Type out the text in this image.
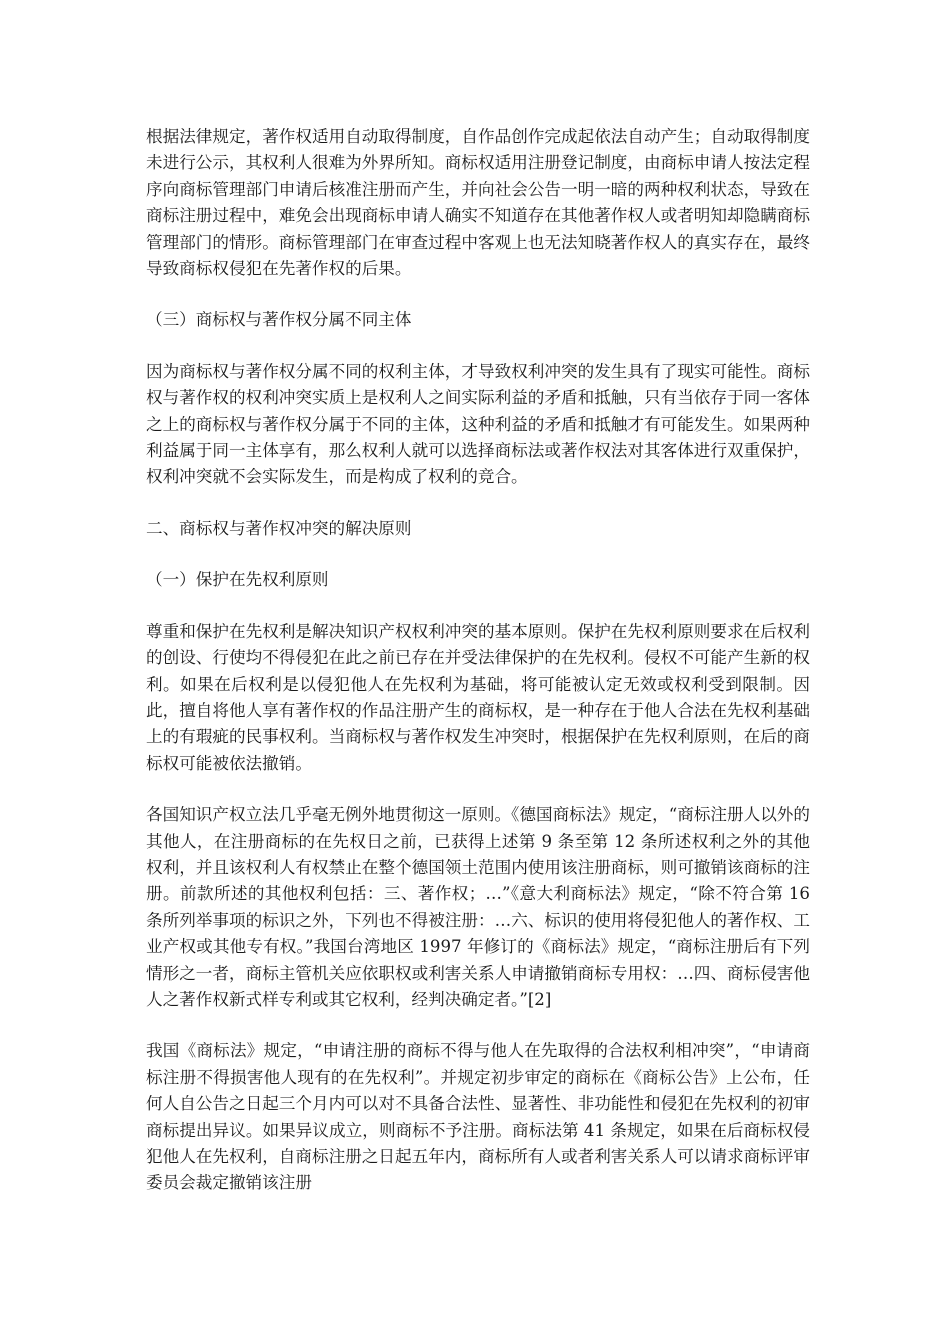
根据法律规定，著作权适用自动取得制度，自作品创作完成起依法自动产生；自动取得制度未进行公示，其权利人很难为外界所知。商标权适用注册登记制度，由商标申请人按法定程序向商标管理部门申请后核准注册而产生，并向社会公告一明一暗的两种权利状态，导致在商标注册过程中，难免会出现商标申请人确实不知道存在其他著作权人或者明知却隐瞒商标管理部门的情形。商标管理部门在审查过程中客观上也无法知晓著作权人的真实存在，最终导致商标权侵犯在先著作权的后果。

（三）商标权与著作权分属不同主体

因为商标权与著作权分属不同的权利主体，才导致权利冲突的发生具有了现实可能性。商标权与著作权的权利冲突实质上是权利人之间实际利益的矛盾和抵触，只有当依存于同一客体之上的商标权与著作权分属于不同的主体，这种利益的矛盾和抵触才有可能发生。如果两种利益属于同一主体享有，那么权利人就可以选择商标法或著作权法对其客体进行双重保护，权利冲突就不会实际发生，而是构成了权利的竞合。

二、商标权与著作权冲突的解决原则

（一）保护在先权利原则

尊重和保护在先权利是解决知识产权权利冲突的基本原则。保护在先权利原则要求在后权利的创设、行使均不得侵犯在此之前已存在并受法律保护的在先权利。侵权不可能产生新的权利。如果在后权利是以侵犯他人在先权利为基础，将可能被认定无效或权利受到限制。因此，擅自将他人享有著作权的作品注册产生的商标权，是一种存在于他人合法在先权利基础上的有瑕疵的民事权利。当商标权与著作权发生冲突时，根据保护在先权利原则，在后的商标权可能被依法撤销。

各国知识产权立法几乎毫无例外地贯彻这一原则。《德国商标法》规定，“商标注册人以外的其他人，在注册商标的在先权日之前，已获得上述第 9 条至第 12 条所述权利之外的其他权利，并且该权利人有权禁止在整个德国领土范围内使用该注册商标，则可撤销该商标的注册。前款所述的其他权利包括：三、著作权；…”《意大利商标法》规定，“除不符合第 16 条所列举事项的标识之外，下列也不得被注册：…六、标识的使用将侵犯他人的著作权、工业产权或其他专有权。”我国台湾地区 1997 年修订的《商标法》规定，“商标注册后有下列情形之一者，商标主管机关应依职权或利害关系人申请撤销商标专用权：…四、商标侵害他人之著作权新式样专利或其它权利，经判决确定者。”[2]

我国《商标法》规定，“申请注册的商标不得与他人在先取得的合法权利相冲突”，“申请商标注册不得损害他人现有的在先权利”。并规定初步审定的商标在《商标公告》上公布，任何人自公告之日起三个月内可以对不具备合法性、显著性、非功能性和侵犯在先权利的初审商标提出异议。如果异议成立，则商标不予注册。商标法第 41 条规定，如果在后商标权侵犯他人在先权利，自商标注册之日起五年内，商标所有人或者利害关系人可以请求商标评审委员会裁定撤销该注册
